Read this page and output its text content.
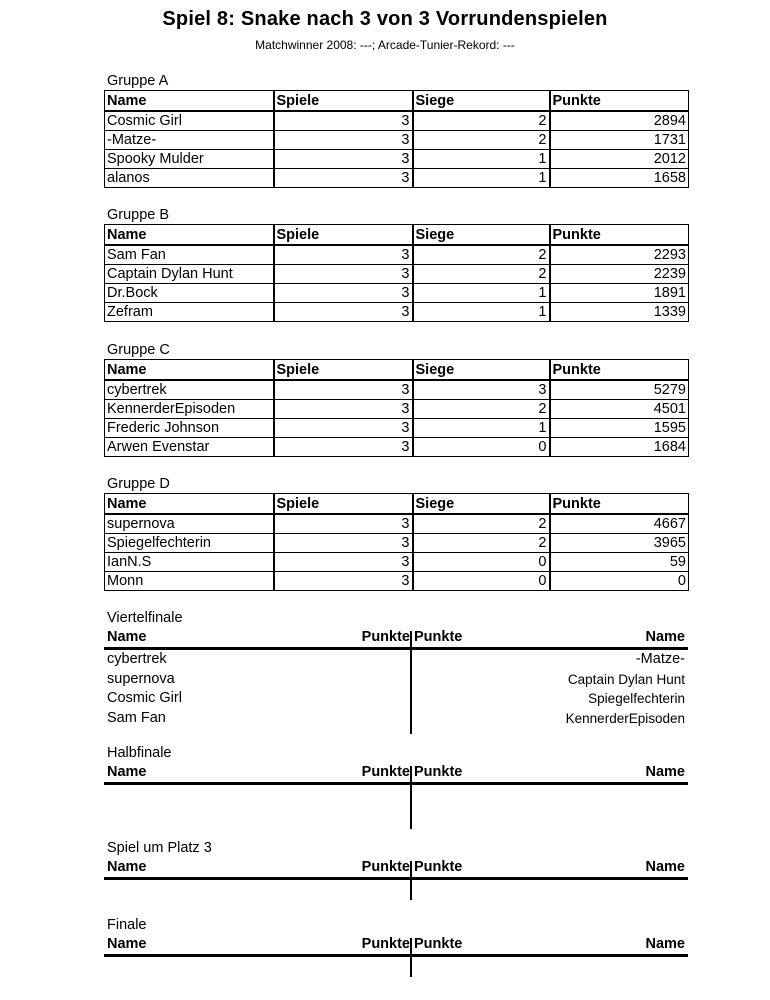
Spiel 8: Snake nach 3 von 3 Vorrundenspielen
Matchwinner 2008: ---; Arcade-Tunier-Rekord: ---
Gruppe A
Name	Spiele	Siege	Punkte
Cosmic Girl	3	2	2894
-Matze-	3	2	1731
Spooky Mulder	3	1	2012
alanos	3	1	1658
Gruppe B
Name	Spiele	Siege	Punkte
Sam Fan	3	2	2293
Captain Dylan Hunt	3	2	2239
Dr.Bock	3	1	1891
Zefram	3	1	1339
Gruppe C
Name	Spiele	Siege	Punkte
cybertrek	3	3	5279
KennerderEpisoden	3	2	4501
Frederic Johnson	3	1	1595
Arwen Evenstar	3	0	1684
Gruppe D
Name	Spiele	Siege	Punkte
supernova	3	2	4667
Spiegelfechterin	3	2	3965
IanN.S	3	0	59
Monn	3	0	0
Viertelfinale
Name	Punkte Punkte	Name
cybertrek	-Matze-
supernova	Captain Dylan Hunt
Cosmic Girl	Spiegelfechterin
Sam Fan	KennerderEpisoden
Halbfinale
Name	Punkte Punkte	Name
Spiel um Platz 3
Name	Punkte Punkte	Name
Finale
Name	Punkte Punkte	Name
